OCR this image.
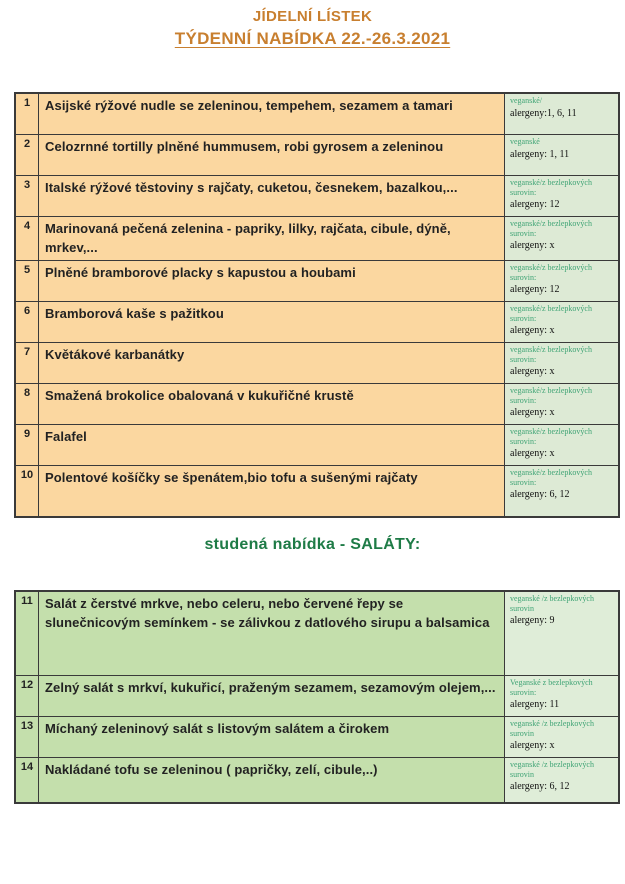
JÍDELNÍ LÍSTEK
TÝDENNÍ NABÍDKA 22.-26.3.2021
1	Asijské rýžové nudle se zeleninou, tempehem, sezamem a tamari	veganské/
alergeny:1, 6, 11

2	Celozrnné tortilly plněné hummusem, robi gyrosem a zeleninou	veganské
alergeny: 1, 11

3	Italské rýžové těstoviny s rajčaty, cuketou, česnekem, bazalkou,...	veganské/z bezlepkových surovin:
alergeny: 12

4	Marinovaná pečená zelenina - papriky, lilky, rajčata, cibule, dýně, mrkev,...	veganské/z bezlepkových surovin:
alergeny: x

5	Plněné bramborové placky s kapustou a houbami	veganské/z bezlepkových surovin:
alergeny: 12

6	Bramborová kaše s pažitkou	veganské/z bezlepkových surovin:
alergeny: x

7	Květákové karbanátky	veganské/z bezlepkových surovin:
alergeny: x

8	Smažená brokolice obalovaná v kukuřičné krustě	veganské/z bezlepkových surovin:
alergeny: x

9	Falafel	veganské/z bezlepkových surovin:
alergeny: x

10	Polentové košíčky se špenátem,bio tofu a sušenými rajčaty	veganské/z bezlepkových surovin:
alergeny: 6, 12
studená nabídka - SALÁTY:
11	Salát z čerstvé mrkve, nebo celeru, nebo červené řepy se slunečnicovým semínkem - se zálivkou z datlového sirupu a balsamica	veganské /z bezlepkových surovin
alergeny: 9

12	Zelný salát s mrkví, kukuřicí, praženým sezamem, sezamovým olejem,...	Veganské z bezlepkových surovin:
alergeny: 11

13	Míchaný zeleninový salát s listovým salátem a čirokem	veganské /z bezlepkových surovin
alergeny: x

14	Nakládané tofu se zeleninou ( papričky, zelí, cibule,..)	veganské /z bezlepkových surovin
alergeny: 6, 12
